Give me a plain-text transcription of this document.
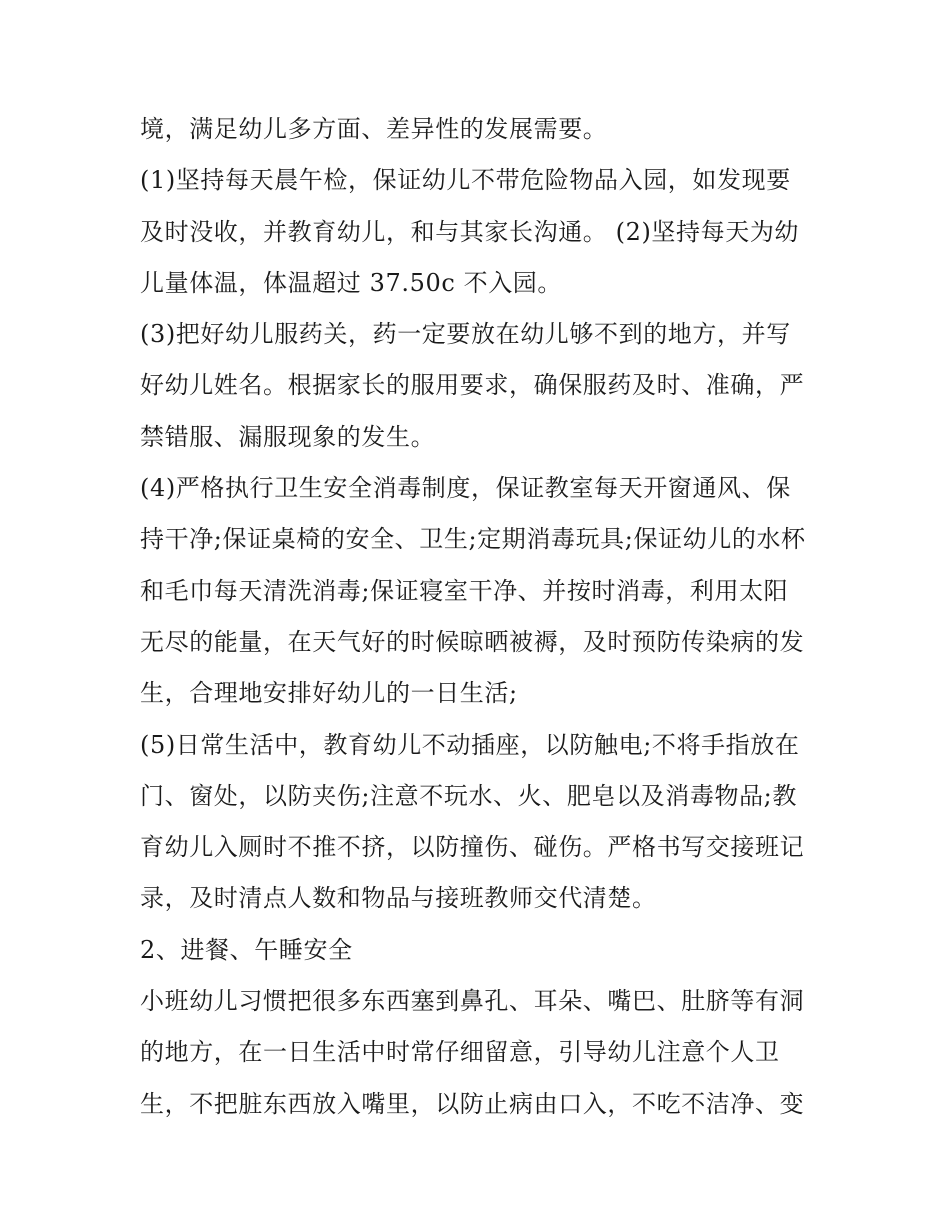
境，满足幼儿多方面、差异性的发展需要。
(1)坚持每天晨午检，保证幼儿不带危险物品入园，如发现要
及时没收，并教育幼儿，和与其家长沟通。 (2)坚持每天为幼
儿量体温，体温超过 37.50c 不入园。
(3)把好幼儿服药关，药一定要放在幼儿够不到的地方，并写
好幼儿姓名。根据家长的服用要求，确保服药及时、准确，严
禁错服、漏服现象的发生。
(4)严格执行卫生安全消毒制度，保证教室每天开窗通风、保
持干净;保证桌椅的安全、卫生;定期消毒玩具;保证幼儿的水杯
和毛巾每天清洗消毒;保证寝室干净、并按时消毒，利用太阳
无尽的能量，在天气好的时候晾晒被褥，及时预防传染病的发
生，合理地安排好幼儿的一日生活;
(5)日常生活中，教育幼儿不动插座，以防触电;不将手指放在
门、窗处，以防夹伤;注意不玩水、火、肥皂以及消毒物品;教
育幼儿入厕时不推不挤，以防撞伤、碰伤。严格书写交接班记
录，及时清点人数和物品与接班教师交代清楚。
2、进餐、午睡安全
小班幼儿习惯把很多东西塞到鼻孔、耳朵、嘴巴、肚脐等有洞
的地方，在一日生活中时常仔细留意，引导幼儿注意个人卫
生，不把脏东西放入嘴里，以防止病由口入，不吃不洁净、变
